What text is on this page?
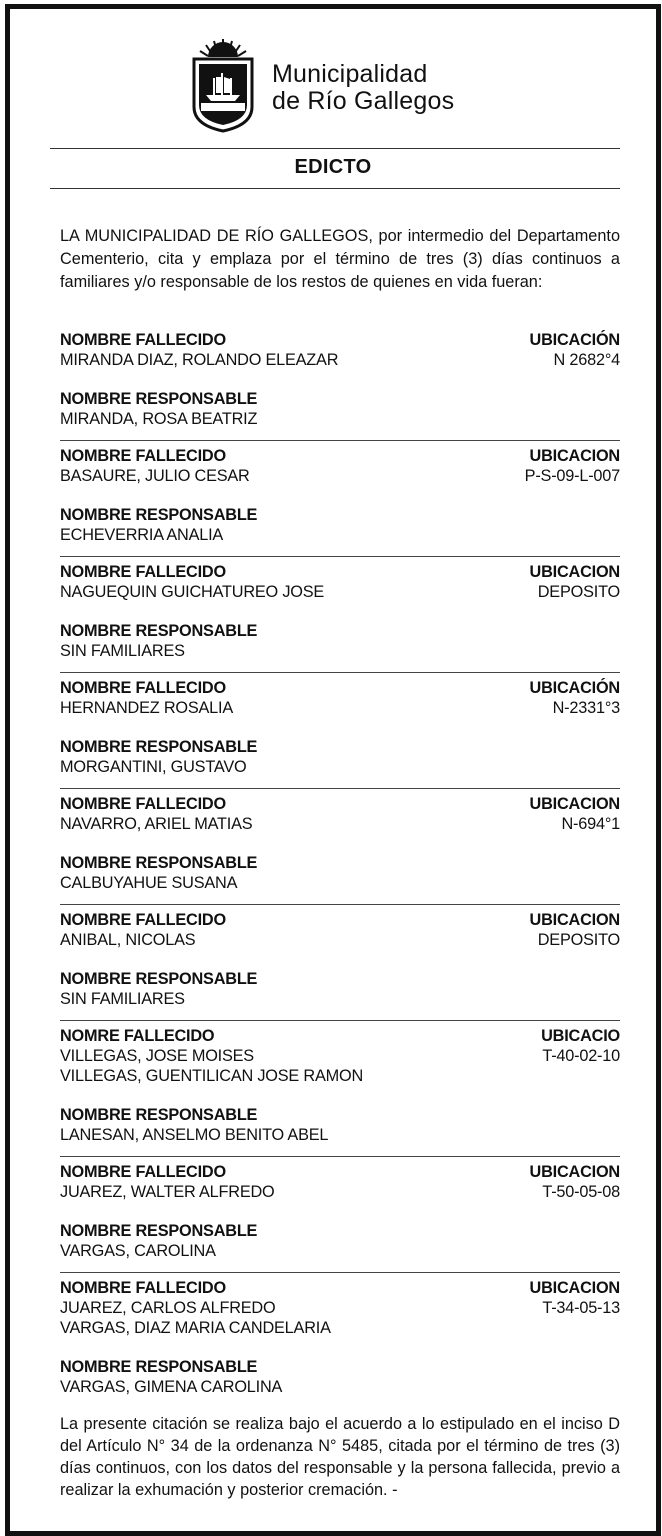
Municipalidad
de Río Gallegos
EDICTO
LA MUNICIPALIDAD DE RÍO GALLEGOS, por intermedio del Departamento Cementerio, cita y emplaza por el término de tres (3) días continuos a familiares y/o responsable de los restos de quienes en vida fueran:
NOMBRE FALLECIDO
MIRANDA DIAZ, ROLANDO ELEAZAR
UBICACIÓN
N 2682°4
NOMBRE RESPONSABLE
MIRANDA, ROSA BEATRIZ
NOMBRE FALLECIDO
BASAURE, JULIO CESAR
UBICACION
P-S-09-L-007
NOMBRE RESPONSABLE
ECHEVERRIA ANALIA
NOMBRE FALLECIDO
NAGUEQUIN GUICHATUREO JOSE
UBICACION
DEPOSITO
NOMBRE RESPONSABLE
SIN FAMILIARES
NOMBRE FALLECIDO
HERNANDEZ ROSALIA
UBICACIÓN
N-2331°3
NOMBRE RESPONSABLE
MORGANTINI, GUSTAVO
NOMBRE FALLECIDO
NAVARRO, ARIEL MATIAS
UBICACION
N-694°1
NOMBRE RESPONSABLE
CALBUYAHUE SUSANA
NOMBRE FALLECIDO
ANIBAL, NICOLAS
UBICACION
DEPOSITO
NOMBRE RESPONSABLE
SIN FAMILIARES
NOMRE FALLECIDO
VILLEGAS, JOSE MOISES
VILLEGAS, GUENTILICAN JOSE RAMON
UBICACIO
T-40-02-10
NOMBRE RESPONSABLE
LANESAN, ANSELMO BENITO ABEL
NOMBRE FALLECIDO
JUAREZ, WALTER ALFREDO
UBICACION
T-50-05-08
NOMBRE RESPONSABLE
VARGAS, CAROLINA
NOMBRE FALLECIDO
JUAREZ, CARLOS ALFREDO
VARGAS, DIAZ MARIA CANDELARIA
UBICACION
T-34-05-13
NOMBRE RESPONSABLE
VARGAS, GIMENA CAROLINA
La presente citación se realiza bajo el acuerdo a lo estipulado en el inciso D del Artículo N° 34 de la ordenanza N° 5485, citada por el término de tres (3) días continuos, con los datos del responsable y la persona fallecida, previo a realizar la exhumación y posterior cremación. -
